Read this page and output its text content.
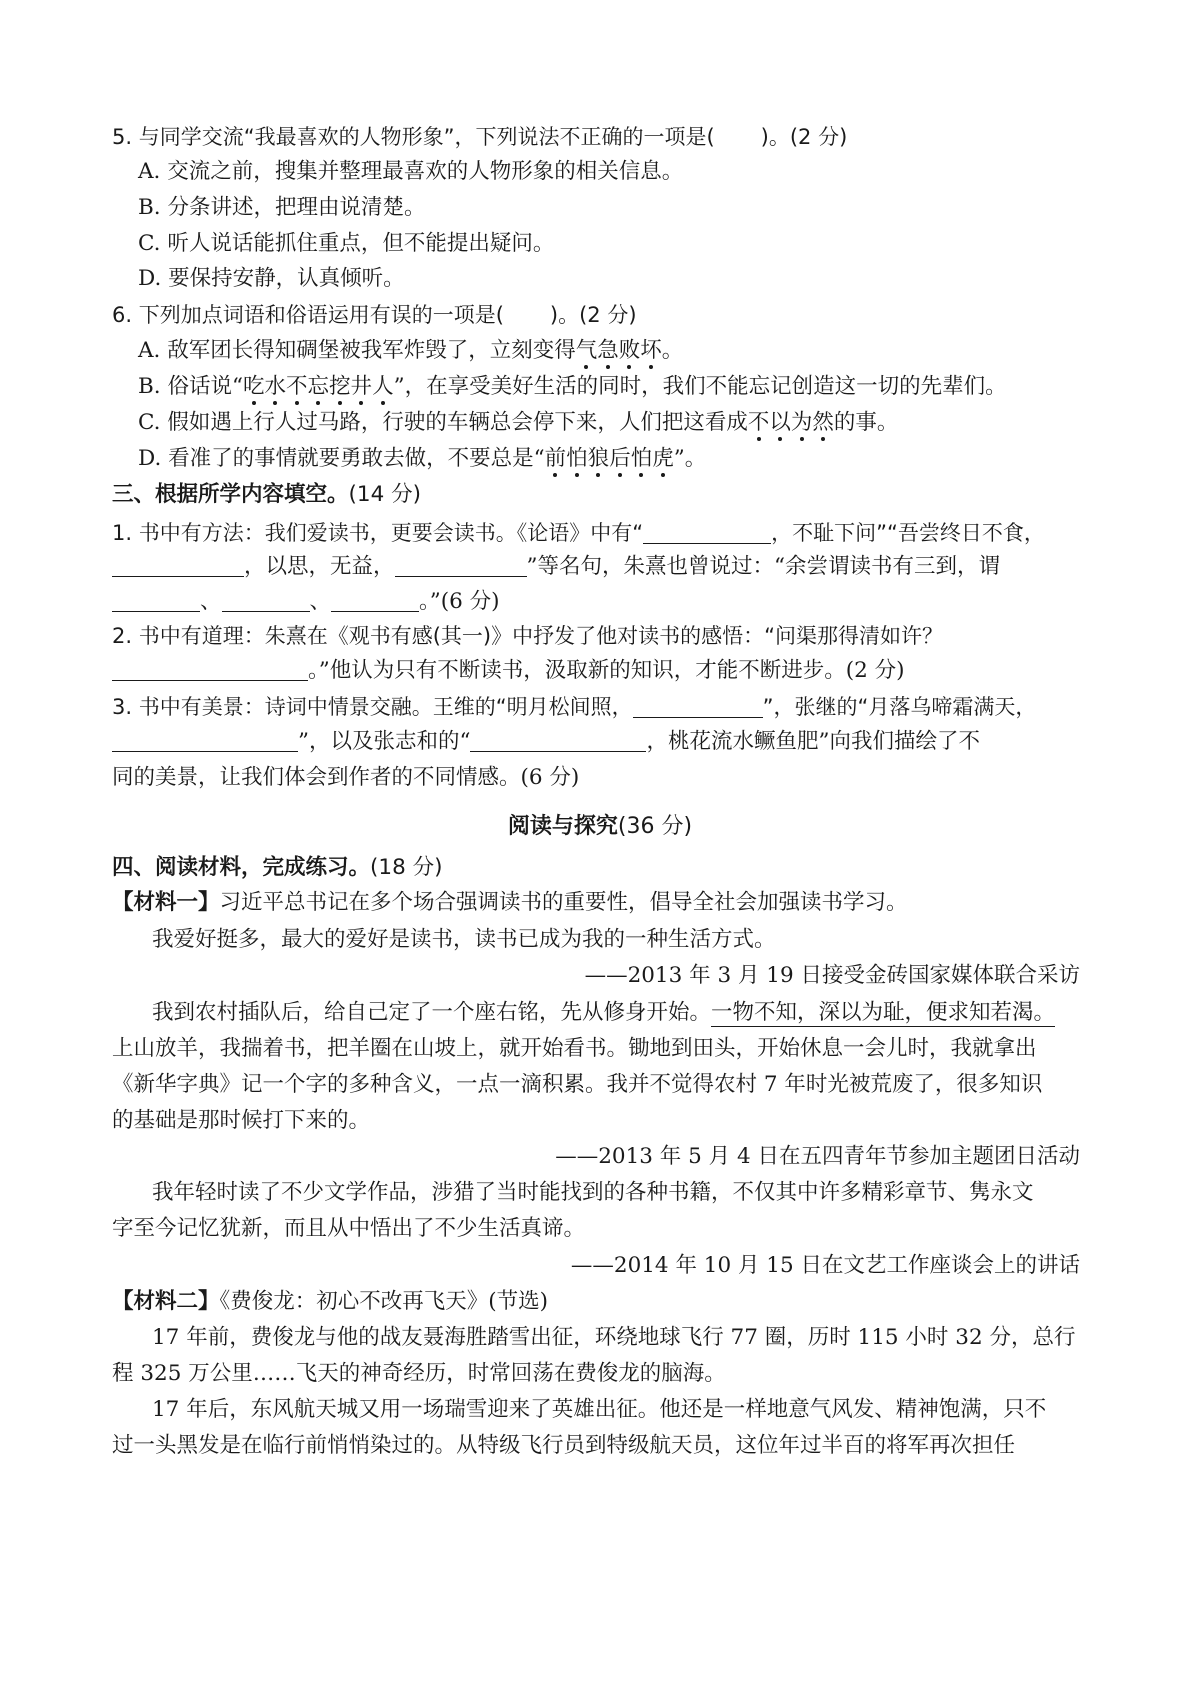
5. 与同学交流“我最喜欢的人物形象”，下列说法不正确的一项是( )。(2 分)
A. 交流之前，搜集并整理最喜欢的人物形象的相关信息。
B. 分条讲述，把理由说清楚。
C. 听人说话能抓住重点，但不能提出疑问。
D. 要保持安静，认真倾听。
6. 下列加点词语和俗语运用有误的一项是( )。(2 分)
A. 敌军团长得知碉堡被我军炸毁了，立刻变得气急败坏。
B. 俗话说“吃水不忘挖井人”，在享受美好生活的同时，我们不能忘记创造这一切的先辈们。
C. 假如遇上行人过马路，行驶的车辆总会停下来，人们把这看成不以为然的事。
D. 看准了的事情就要勇敢去做，不要总是“前怕狼后怕虎”。
三、根据所学内容填空。(14 分)
1. 书中有方法：我们爱读书，更要会读书。《论语》中有“	，不耻下问”“吾尝终日不食，
，以思，无益，	”等名句，朱熹也曾说过：“余尝谓读书有三到，谓
、	、	。”(6 分)
2. 书中有道理：朱熹在《观书有感(其一)》中抒发了他对读书的感悟：“问渠那得清如许？
。”他认为只有不断读书，汲取新的知识，才能不断进步。(2 分)
3. 书中有美景：诗词中情景交融。王维的“明月松间照，	”，张继的“月落乌啼霜满天，
”，以及张志和的“	，桃花流水鳜鱼肥”向我们描绘了不
同的美景，让我们体会到作者的不同情感。(6 分)
阅读与探究(36 分)
四、阅读材料，完成练习。(18 分)
【材料一】习近平总书记在多个场合强调读书的重要性，倡导全社会加强读书学习。
我爱好挺多，最大的爱好是读书，读书已成为我的一种生活方式。
——2013 年 3 月 19 日接受金砖国家媒体联合采访
我到农村插队后，给自己定了一个座右铭，先从修身开始。一物不知，深以为耻，便求知若渴。
上山放羊，我揣着书，把羊圈在山坡上，就开始看书。锄地到田头，开始休息一会儿时，我就拿出
《新华字典》记一个字的多种含义，一点一滴积累。我并不觉得农村 7 年时光被荒废了，很多知识
的基础是那时候打下来的。
——2013 年 5 月 4 日在五四青年节参加主题团日活动
我年轻时读了不少文学作品，涉猎了当时能找到的各种书籍，不仅其中许多精彩章节、隽永文
字至今记忆犹新，而且从中悟出了不少生活真谛。
——2014 年 10 月 15 日在文艺工作座谈会上的讲话
【材料二】《费俊龙：初心不改再飞天》(节选)
17 年前，费俊龙与他的战友聂海胜踏雪出征，环绕地球飞行 77 圈，历时 115 小时 32 分，总行
程 325 万公里……飞天的神奇经历，时常回荡在费俊龙的脑海。
17 年后，东风航天城又用一场瑞雪迎来了英雄出征。他还是一样地意气风发、精神饱满，只不
过一头黑发是在临行前悄悄染过的。从特级飞行员到特级航天员，这位年过半百的将军再次担任
